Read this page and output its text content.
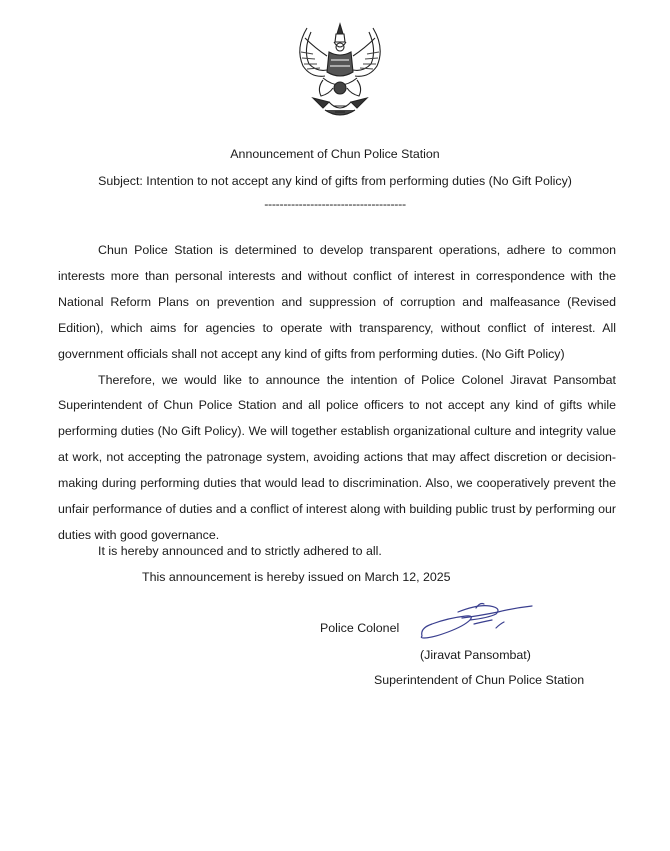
Announcement of Chun Police Station
Subject: Intention to not accept any kind of gifts from performing duties (No Gift Policy)
-------------------------------------

Chun Police Station is determined to develop transparent operations, adhere to common interests more than personal interests and without conflict of interest in correspondence with the National Reform Plans on prevention and suppression of corruption and malfeasance (Revised Edition), which aims for agencies to operate with transparency, without conflict of interest. All government officials shall not accept any kind of gifts from performing duties. (No Gift Policy)

Therefore, we would like to announce the intention of Police Colonel Jiravat Pansombat Superintendent of Chun Police Station and all police officers to not accept any kind of gifts while performing duties (No Gift Policy). We will together establish organizational culture and integrity value at work, not accepting the patronage system, avoiding actions that may affect discretion or decision-making during performing duties that would lead to discrimination. Also, we cooperatively prevent the unfair performance of duties and a conflict of interest along with building public trust by performing our duties with good governance.

It is hereby announced and to strictly adhered to all.

This announcement is hereby issued on March 12, 2025

Police Colonel

(Jiravat Pansombat)

Superintendent of Chun Police Station
